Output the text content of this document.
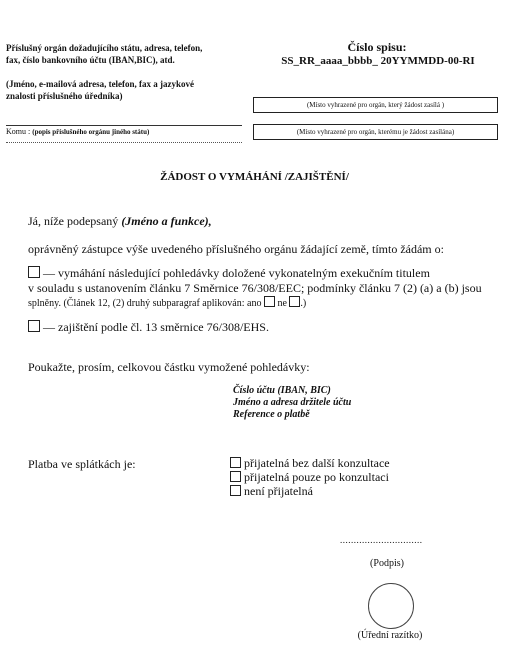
Příslušný orgán dožadujícího státu, adresa, telefon,
fax, číslo bankovního účtu (IBAN,BIC), atd.
(Jméno, e-mailová adresa, telefon, fax a jazykové
znalosti příslušného úředníka)
Číslo spisu:
SS_RR_aaaa_bbbb_ 20YYMMDD-00-RI
(Místo vyhrazené pro orgán, který žádost zasílá )
Komu : (popis příslušného orgánu jiného státu)	(Místo vyhrazené pro orgán, kterému je žádost zasílána)
ŽÁDOST O VYMÁHÁNÍ /ZAJIŠTĚNÍ/
Já, níže podepsaný (Jméno a funkce),
oprávněný zástupce výše uvedeného příslušného orgánu žádající země, tímto žádám o:
— vymáhání následující pohledávky doložené vykonatelným exekučním titulem
v souladu s ustanovením článku 7 Směrnice 76/308/EEC; podmínky článku 7 (2) (a) a (b) jsou
splněny. (Článek 12, (2) druhý subparagraf aplikován: ano ne .)
— zajištění podle čl. 13 směrnice 76/308/EHS.
Poukažte, prosím, celkovou částku vymožené pohledávky:
Číslo účtu (IBAN, BIC)
Jméno a adresa držitele účtu
Reference o platbě
Platba ve splátkách je:	přijatelná bez další konzultace
přijatelná pouze po konzultaci
není přijatelná
..............................
(Podpis)
(Úřední razítko)
